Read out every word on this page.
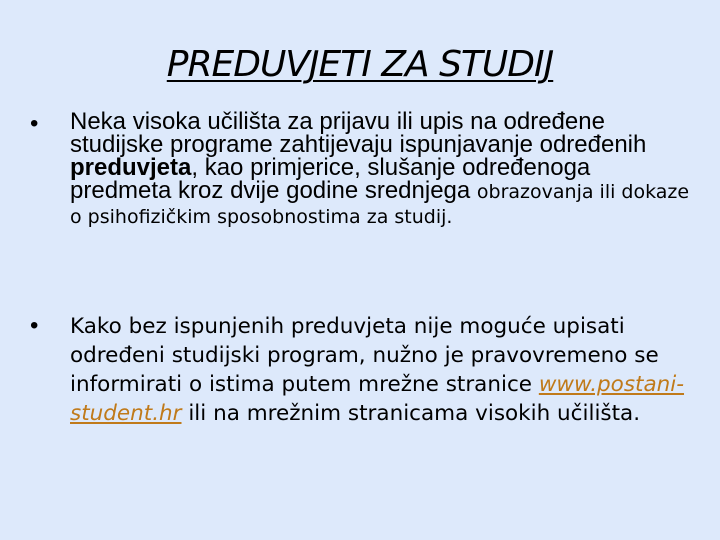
PREDUVJETI ZA STUDIJ
• Neka visoka učilišta za prijavu ili upis na određene studijske programe zahtijevaju ispunjavanje određenih preduvjeta, kao primjerice, slušanje određenoga predmeta kroz dvije godine srednjega obrazovanja ili dokaze o psihofizičkim sposobnostima za studij.
• Kako bez ispunjenih preduvjeta nije moguće upisati određeni studijski program, nužno je pravovremeno se informirati o istima putem mrežne stranice www.postani-student.hr ili na mrežnim stranicama visokih učilišta.
